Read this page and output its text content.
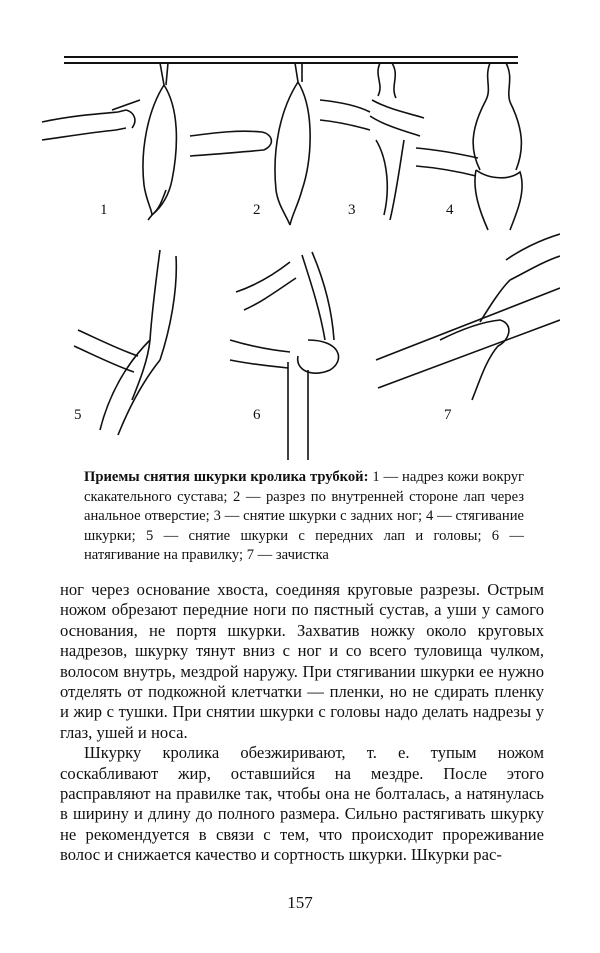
1	2	3	4
5	6	7
Приемы снятия шкурки кролика трубкой: 1 — надрез кожи вокруг скакательного сустава; 2 — разрез по внутренней стороне лап через анальное отверстие; 3 — снятие шкурки с задних ног; 4 — стягивание шкурки; 5 — снятие шкурки с передних лап и головы; 6 — натягивание на правилку; 7 — зачистка

ног через основание хвоста, соединяя круговые разрезы. Острым ножом обрезают передние ноги по пястный сустав, а уши у самого основания, не портя шкурки. Захватив ножку около круговых надрезов, шкурку тянут вниз с ног и со всего туловища чулком, волосом внутрь, мездрой наружу. При стягивании шкурки ее нужно отделять от подкожной клетчатки — пленки, но не сдирать пленку и жир с тушки. При снятии шкурки с головы надо делать надрезы у глаз, ушей и носа.

Шкурку кролика обезжиривают, т. е. тупым ножом соскабливают жир, оставшийся на мездре. После этого расправляют на правилке так, чтобы она не болталась, а натянулась в ширину и длину до полного размера. Сильно растягивать шкурку не рекомендуется в связи с тем, что происходит прореживание волос и снижается качество и сортность шкурки. Шкурки рас-

157
